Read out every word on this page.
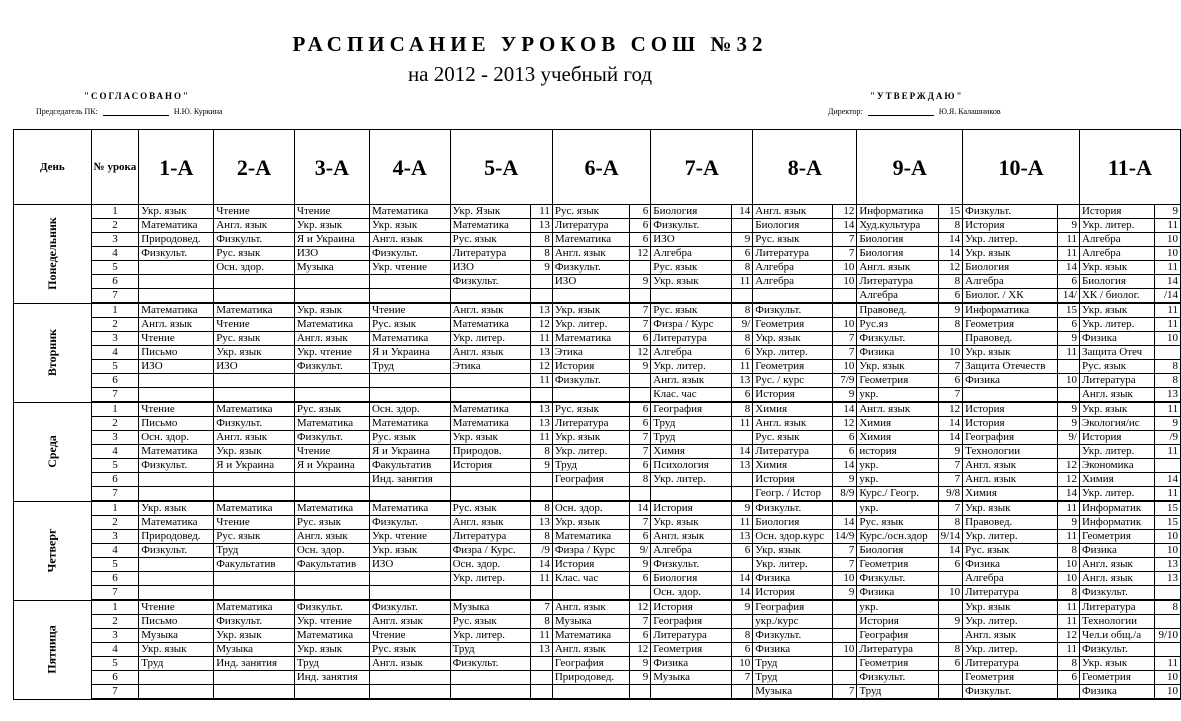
РАСПИСАНИЕ УРОКОВ СОШ №32
на 2012 - 2013 учебный год
"СОГЛАСОВАНО"
Председатель ПК:	Н.Ю. Куркина
"УТВЕРЖДАЮ"
Директор:	Ю.Я. Калашников
День	№ урока	1-А	2-А	3-А	4-А	5-А		6-А		7-А		8-А		9-А		10-А		11-А	
Понедельник	1	Укр. язык	Чтение	Чтение	Математика	Укр. Язык	11	Рус. язык	6	Биология	14	Англ. язык	12	Информатика	15	Физкульт.		История	9
	2	Математика	Англ. язык	Укр. язык	Укр. язык	Математика	13	Литература	6	Физкульт.		Биология	14	Худ.культура	8	История	9	Укр. литер.	11
	3	Природовед.	Физкульт.	Я и Украина	Англ. язык	Рус. язык	8	Математика	6	ИЗО	9	Рус. язык	7	Биология	14	Укр. литер.	11	Алгебра	10
	4	Физкульт.	Рус. язык	ИЗО	Физкульт.	Литература	8	Англ. язык	12	Алгебра	6	Литература	7	Биология	14	Укр. язык	11	Алгебра	10
	5		Осн. здор.	Музыка	Укр. чтение	ИЗО	9	Физкульт.		Рус. язык	8	Алгебра	10	Англ. язык	12	Биология	14	Укр. язык	11
	6					Физкульт.		ИЗО	9	Укр. язык	11	Алгебра	10	Литература	8	Алгебра	6	Биология	14
	7													Алгебра	6	Биолог. / ХК	14/	ХК / биолог.	/14
Вторник	1	Математика	Математика	Укр. язык	Чтение	Англ. язык	13	Укр. язык	7	Рус. язык	8	Физкульт.		Правовед.	9	Информатика	15	Укр. язык	11
	2	Англ. язык	Чтение	Математика	Рус. язык	Математика	12	Укр. литер.	7	Физра / Курс	9/	Геометрия	10	Рус.яз	8	Геометрия	6	Укр. литер.	11
	3	Чтение	Рус. язык	Англ. язык	Математика	Укр. литер.	11	Математика	6	Литература	8	Укр. язык	7	Физкульт.		Правовед.	9	Физика	10
	4	Письмо	Укр. язык	Укр. чтение	Я и Украина	Англ. язык	13	Этика	12	Алгебра	6	Укр. литер.	7	Физика	10	Укр. язык	11	Защита Отеч	
	5	ИЗО	ИЗО	Физкульт.	Труд	Этика	12	История	9	Укр. литер.	11	Геометрия	10	Укр. язык	7	Защита Отечеств		Рус. язык	8
	6						11	Физкульт.		Англ. язык	13	Рус. / курс	7/9	Геометрия	6	Физика	10	Литература	8
	7									Клас. час	6	История	9	укр.	7			Англ. язык	13
Среда	1	Чтение	Математика	Рус. язык	Осн. здор.	Математика	13	Рус. язык	6	География	8	Химия	14	Англ. язык	12	История	9	Укр. язык	11
	2	Письмо	Физкульт.	Математика	Математика	Математика	13	Литература	6	Труд	11	Англ. язык	12	Химия	14	История	9	Экология/ис	9
	3	Осн. здор.	Англ. язык	Физкульт.	Рус. язык	Укр. язык	11	Укр. язык	7	Труд		Рус. язык	6	Химия	14	География	9/	История	/9
	4	Математика	Укр. язык	Чтение	Я и Украина	Природов.	8	Укр. литер.	7	Химия	14	Литература	6	история	9	Технологии		Укр. литер.	11
	5	Физкульт.	Я и Украина	Я и Украина	Факультатив	История	9	Труд	6	Психология	13	Химия	14	укр.	7	Англ. язык	12	Экономика	
	6				Инд. занятия			География	8	Укр. литер.		История	9	укр.	7	Англ. язык	12	Химия	14
	7											Геогр. / Истор	8/9	Курс./ Геогр.	9/8	Химия	14	Укр. литер.	11
Четверг	1	Укр. язык	Математика	Математика	Математика	Рус. язык	8	Осн. здор.	14	История	9	Физкульт.		укр.	7	Укр. язык	11	Информатик	15
	2	Математика	Чтение	Рус. язык	Физкульт.	Англ. язык	13	Укр. язык	7	Укр. язык	11	Биология	14	Рус. язык	8	Правовед.	9	Информатик	15
	3	Природовед.	Рус. язык	Англ. язык	Укр. чтение	Литература	8	Математика	6	Англ. язык	13	Осн. здор.курс	14/9	Курс./осн.здор	9/14	Укр. литер.	11	Геометрия	10
	4	Физкульт.	Труд	Осн. здор.	Укр. язык	Физра / Курс.	/9	Физра / Курс	9/	Алгебра	6	Укр. язык	7	Биология	14	Рус. язык	8	Физика	10
	5		Факультатив	Факультатив	ИЗО	Осн. здор.	14	История	9	Физкульт.		Укр. литер.	7	Геометрия	6	Физика	10	Англ. язык	13
	6					Укр. литер.	11	Клас. час	6	Биология	14	Физика	10	Физкульт.		Алгебра	10	Англ. язык	13
	7									Осн. здор.	14	История	9	Физика	10	Литература	8	Физкульт.	
Пятница	1	Чтение	Математика	Физкульт.	Физкульт.	Музыка	7	Англ. язык	12	История	9	География		укр.		Укр. язык	11	Литература	8
	2	Письмо	Физкульт.	Укр. чтение	Англ. язык	Рус. язык	8	Музыка	7	География		укр./курс		История	9	Укр. литер.	11	Технологии	
	3	Музыка	Укр. язык	Математика	Чтение	Укр. литер.	11	Математика	6	Литература	8	Физкульт.		География		Англ. язык	12	Чел.и общ./а	9/10
	4	Укр. язык	Музыка	Укр. язык	Рус. язык	Труд	13	Англ. язык	12	Геометрия	6	Физика	10	Литература	8	Укр. литер.	11	Физкульт.	
	5	Труд	Инд. занятия	Труд	Англ. язык	Физкульт.		География	9	Физика	10	Труд		Геометрия	6	Литература	8	Укр. язык	11
	6			Инд. занятия				Природовед.	9	Музыка	7	Труд		Физкульт.		Геометрия	6	Геометрия	10
	7											Музыка	7	Труд		Физкульт.		Физика	10
